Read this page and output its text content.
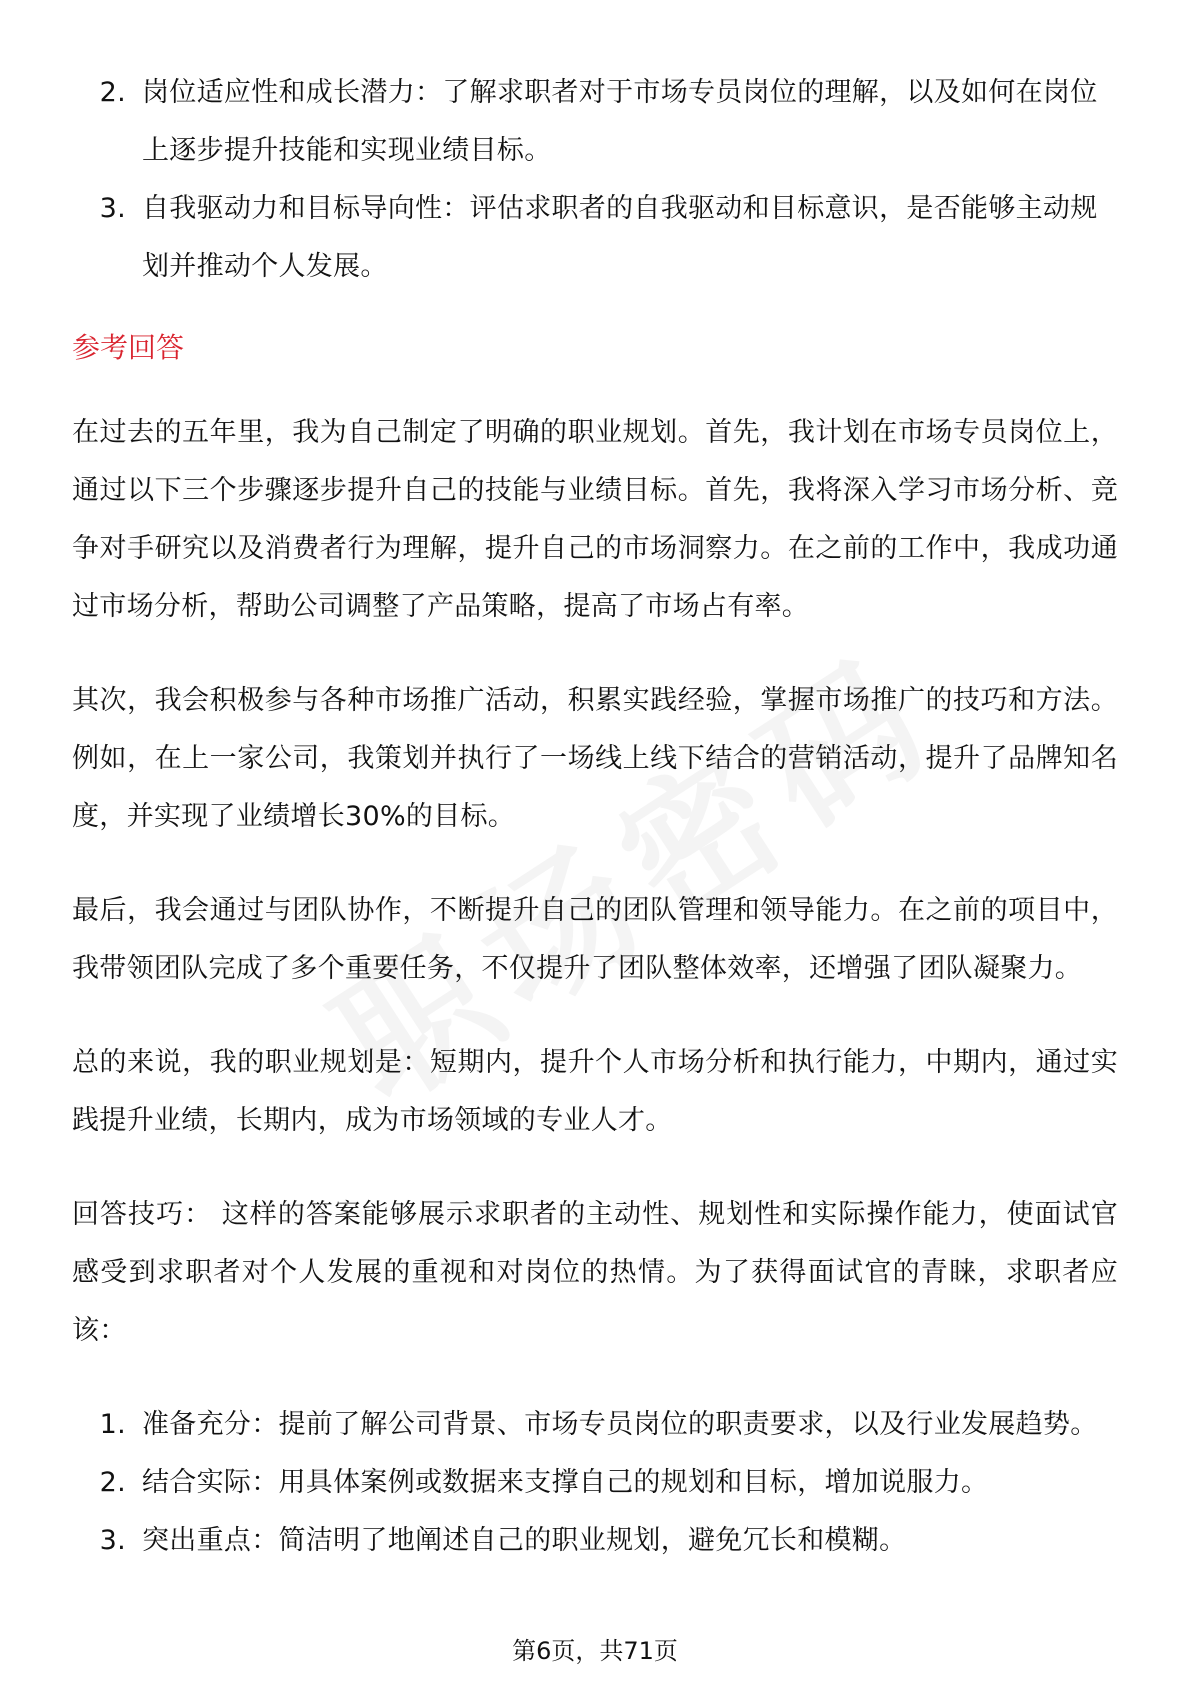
2. 岗位适应性和成长潜力：了解求职者对于市场专员岗位的理解，以及如何在岗位上逐步提升技能和实现业绩目标。
3. 自我驱动力和目标导向性：评估求职者的自我驱动和目标意识，是否能够主动规划并推动个人发展。
参考回答

在过去的五年里，我为自己制定了明确的职业规划。首先，我计划在市场专员岗位上，通过以下三个步骤逐步提升自己的技能与业绩目标。首先，我将深入学习市场分析、竞争对手研究以及消费者行为理解，提升自己的市场洞察力。在之前的工作中，我成功通过市场分析，帮助公司调整了产品策略，提高了市场占有率。

其次，我会积极参与各种市场推广活动，积累实践经验，掌握市场推广的技巧和方法。例如，在上一家公司，我策划并执行了一场线上线下结合的营销活动，提升了品牌知名度，并实现了业绩增长30%的目标。

最后，我会通过与团队协作，不断提升自己的团队管理和领导能力。在之前的项目中，我带领团队完成了多个重要任务，不仅提升了团队整体效率，还增强了团队凝聚力。

总的来说，我的职业规划是：短期内，提升个人市场分析和执行能力，中期内，通过实践提升业绩，长期内，成为市场领域的专业人才。

回答技巧： 这样的答案能够展示求职者的主动性、规划性和实际操作能力，使面试官感受到求职者对个人发展的重视和对岗位的热情。为了获得面试官的青睐，求职者应该：

1. 准备充分：提前了解公司背景、市场专员岗位的职责要求，以及行业发展趋势。
2. 结合实际：用具体案例或数据来支撑自己的规划和目标，增加说服力。
3. 突出重点：简洁明了地阐述自己的职业规划，避免冗长和模糊。
第6页，共71页
